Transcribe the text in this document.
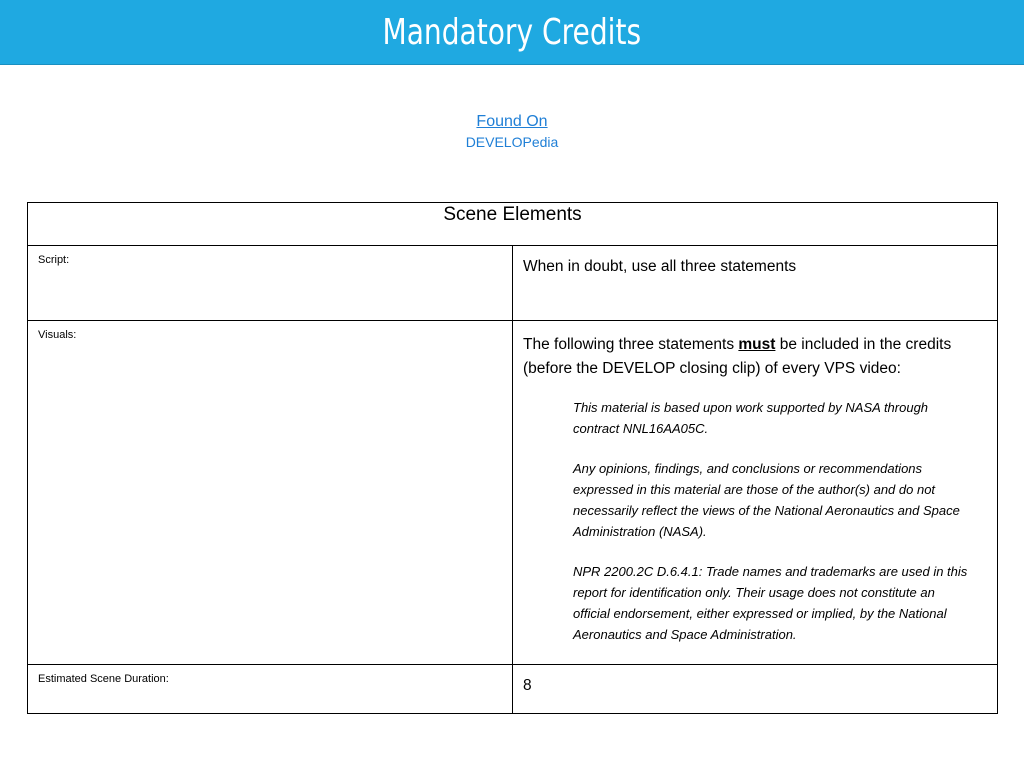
Mandatory Credits
Found On
DEVELOPedia
Scene Elements	
Script:	When in doubt, use all three statements
Visuals:	The following three statements must be included in the credits (before the DEVELOP closing clip) of every VPS video:

This material is based upon work supported by NASA through contract NNL16AA05C.

Any opinions, findings, and conclusions or recommendations expressed in this material are those of the author(s) and do not necessarily reflect the views of the National Aeronautics and Space Administration (NASA).

NPR 2200.2C D.6.4.1: Trade names and trademarks are used in this report for identification only. Their usage does not constitute an official endorsement, either expressed or implied, by the National Aeronautics and Space Administration.

Estimated Scene Duration:	8
